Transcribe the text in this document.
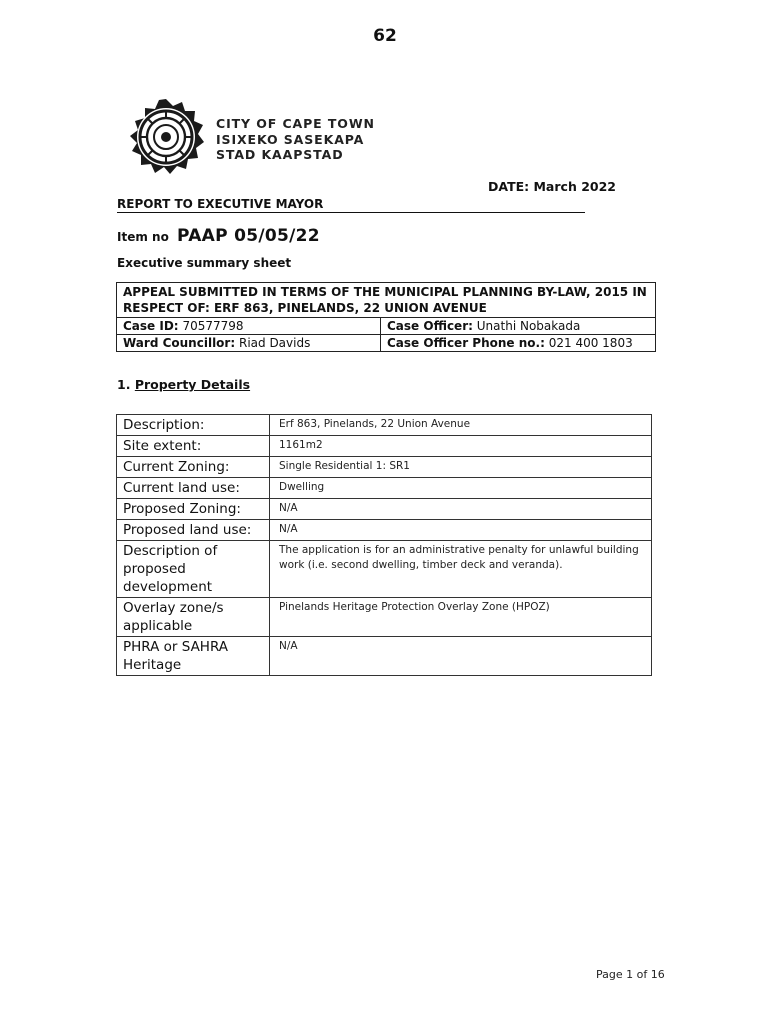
62
CITY OF CAPE TOWN
ISIXEKO SASEKAPA
STAD KAAPSTAD
DATE: March 2022
REPORT TO EXECUTIVE MAYOR
Item no PAAP 05/05/22
Executive summary sheet
APPEAL SUBMITTED IN TERMS OF THE MUNICIPAL PLANNING BY-LAW, 2015 IN RESPECT OF: ERF 863, PINELANDS, 22 UNION AVENUE
Case ID: 70577798	Case Officer: Unathi Nobakada
Ward Councillor: Riad Davids	Case Officer Phone no.: 021 400 1803
1. Property Details
Description:	Erf 863, Pinelands, 22 Union Avenue
Site extent:	1161m2
Current Zoning:	Single Residential 1: SR1
Current land use:	Dwelling
Proposed Zoning:	N/A
Proposed land use:	N/A
Description of proposed development	The application is for an administrative penalty for unlawful building work (i.e. second dwelling, timber deck and veranda).
Overlay zone/s applicable	Pinelands Heritage Protection Overlay Zone (HPOZ)
PHRA or SAHRA Heritage	N/A
Page 1 of 16
